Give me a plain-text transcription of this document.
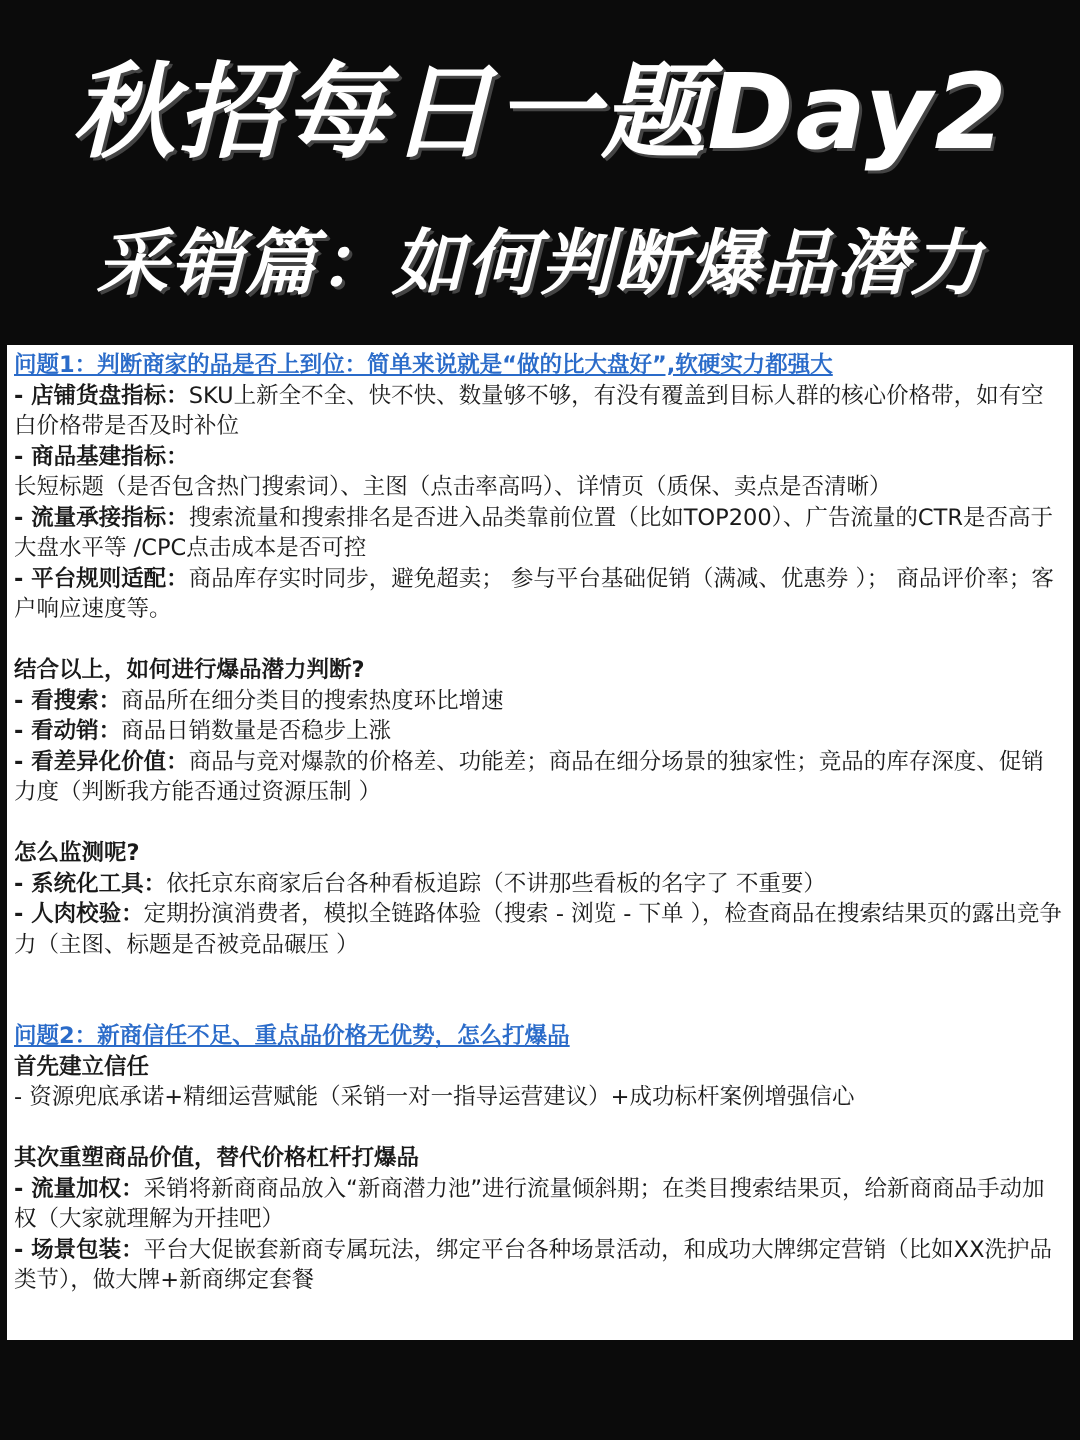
秋招每日一题Day2
采销篇：如何判断爆品潜力
问题1：判断商家的品是否上到位：简单来说就是“做的比大盘好”,软硬实力都强大
- 店铺货盘指标：SKU上新全不全、快不快、数量够不够，有没有覆盖到目标人群的核心价格带，如有空白价格带是否及时补位
- 商品基建指标：长短标题（是否包含热门搜索词）、主图（点击率高吗）、详情页（质保、卖点是否清晰）
- 流量承接指标：搜索流量和搜索排名是否进入品类靠前位置（比如TOP200）、广告流量的CTR是否高于大盘水平等 /CPC点击成本是否可控
- 平台规则适配：商品库存实时同步，避免超卖； 参与平台基础促销（满减、优惠券 ）； 商品评价率；客户响应速度等。
结合以上，如何进行爆品潜力判断?
- 看搜索：商品所在细分类目的搜索热度环比增速
- 看动销：商品日销数量是否稳步上涨
- 看差异化价值：商品与竞对爆款的价格差、功能差；商品在细分场景的独家性；竞品的库存深度、促销力度（判断我方能否通过资源压制 ）
怎么监测呢?
- 系统化工具：依托京东商家后台各种看板追踪（不讲那些看板的名字了 不重要）
- 人肉校验：定期扮演消费者，模拟全链路体验（搜索 - 浏览 - 下单 ），检查商品在搜索结果页的露出竞争力（主图、标题是否被竞品碾压 ）
问题2：新商信任不足、重点品价格无优势，怎么打爆品
首先建立信任
- 资源兜底承诺+精细运营赋能（采销一对一指导运营建议）+成功标杆案例增强信心
其次重塑商品价值，替代价格杠杆打爆品
- 流量加权：采销将新商商品放入“新商潜力池”进行流量倾斜期；在类目搜索结果页，给新商商品手动加权（大家就理解为开挂吧）
- 场景包装：平台大促嵌套新商专属玩法，绑定平台各种场景活动，和成功大牌绑定营销（比如XX洗护品类节），做大牌+新商绑定套餐
